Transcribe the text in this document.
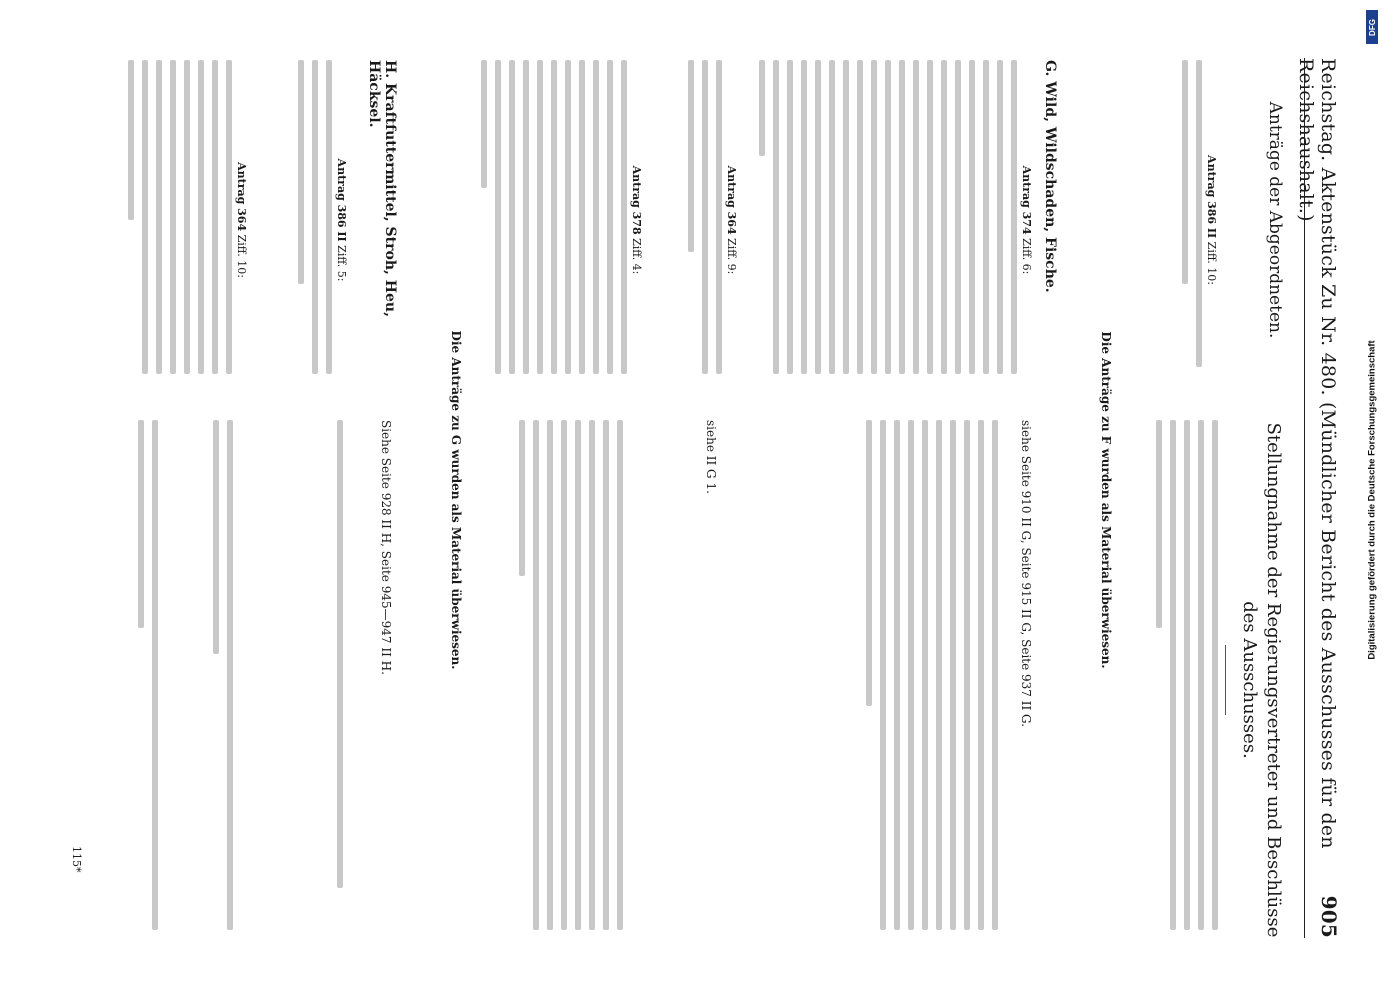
Reichstag. Aktenstück Zu Nr. 480. (Mündlicher Bericht des Ausschusses für den Reichshaushalt.)
905
Anträge der Abgeordneten.
Stellungnahme der Regierungsvertreter und Beschlüsse des Ausschusses.
Antrag 386 II Ziff. 10:
Die Anträge zu F wurden als Material überwiesen.
G. Wild, Wildschaden, Fische.
Antrag 374 Ziff. 6:
siehe Seite 910 II G, Seite 915 II G, Seite 937 II G.
Antrag 364 Ziff. 9:
siehe II G 1.
Antrag 378 Ziff. 4:
Die Anträge zu G wurden als Material überwiesen.
H. Kraftfuttermittel, Stroh, Heu, Häcksel.
Antrag 386 II Ziff. 5:
Siehe Seite 928 II H, Seite 945—947 II H.
Antrag 364 Ziff. 10:
115*
DFG
Digitalisierung gefördert durch die Deutsche Forschungsgemeinschaft
